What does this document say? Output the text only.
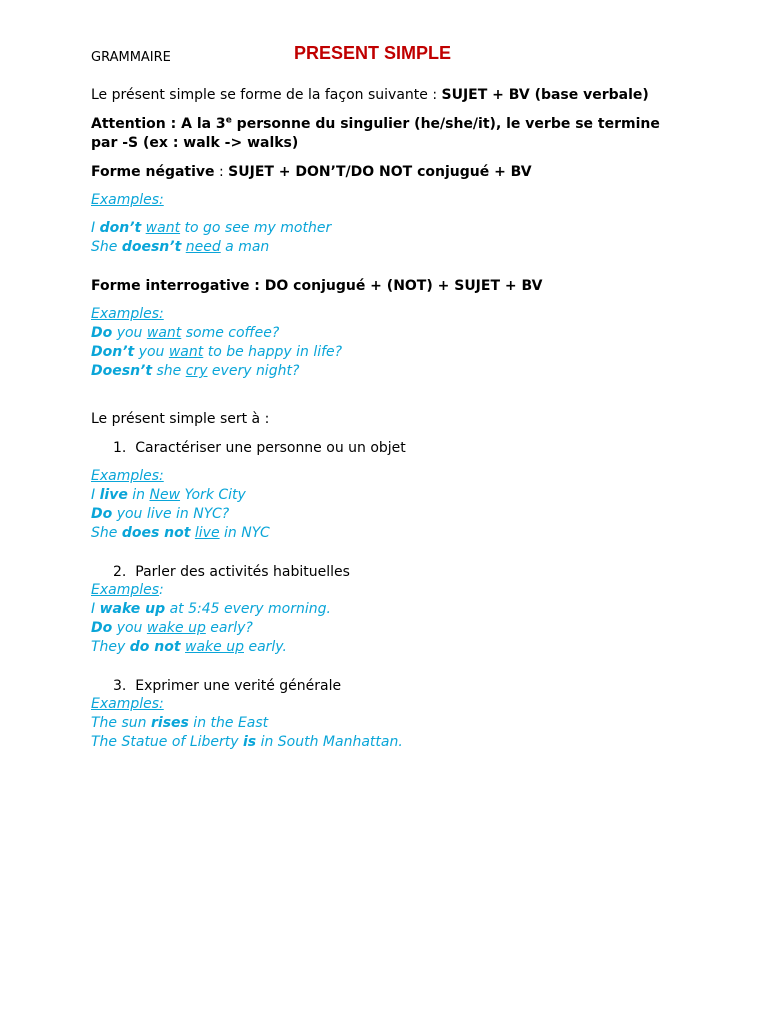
GRAMMAIRE	PRESENT SIMPLE
Le présent simple se forme de la façon suivante : SUJET + BV (base verbale)
Attention : A la 3e personne du singulier (he/she/it), le verbe se termine
par -S (ex : walk -> walks)
Forme négative : SUJET + DON’T/DO NOT conjugué + BV
Examples:
I don’t want to go see my mother
She doesn’t need a man
Forme interrogative : DO conjugué + (NOT) + SUJET + BV
Examples:
Do you want some coffee?
Don’t you want to be happy in life?
Doesn’t she cry every night?
Le présent simple sert à :
1. Caractériser une personne ou un objet
Examples:
I live in New York City
Do you live in NYC?
She does not live in NYC
2. Parler des activités habituelles
Examples:
I wake up at 5:45 every morning.
Do you wake up early?
They do not wake up early.
3. Exprimer une verité générale
Examples:
The sun rises in the East
The Statue of Liberty is in South Manhattan.
